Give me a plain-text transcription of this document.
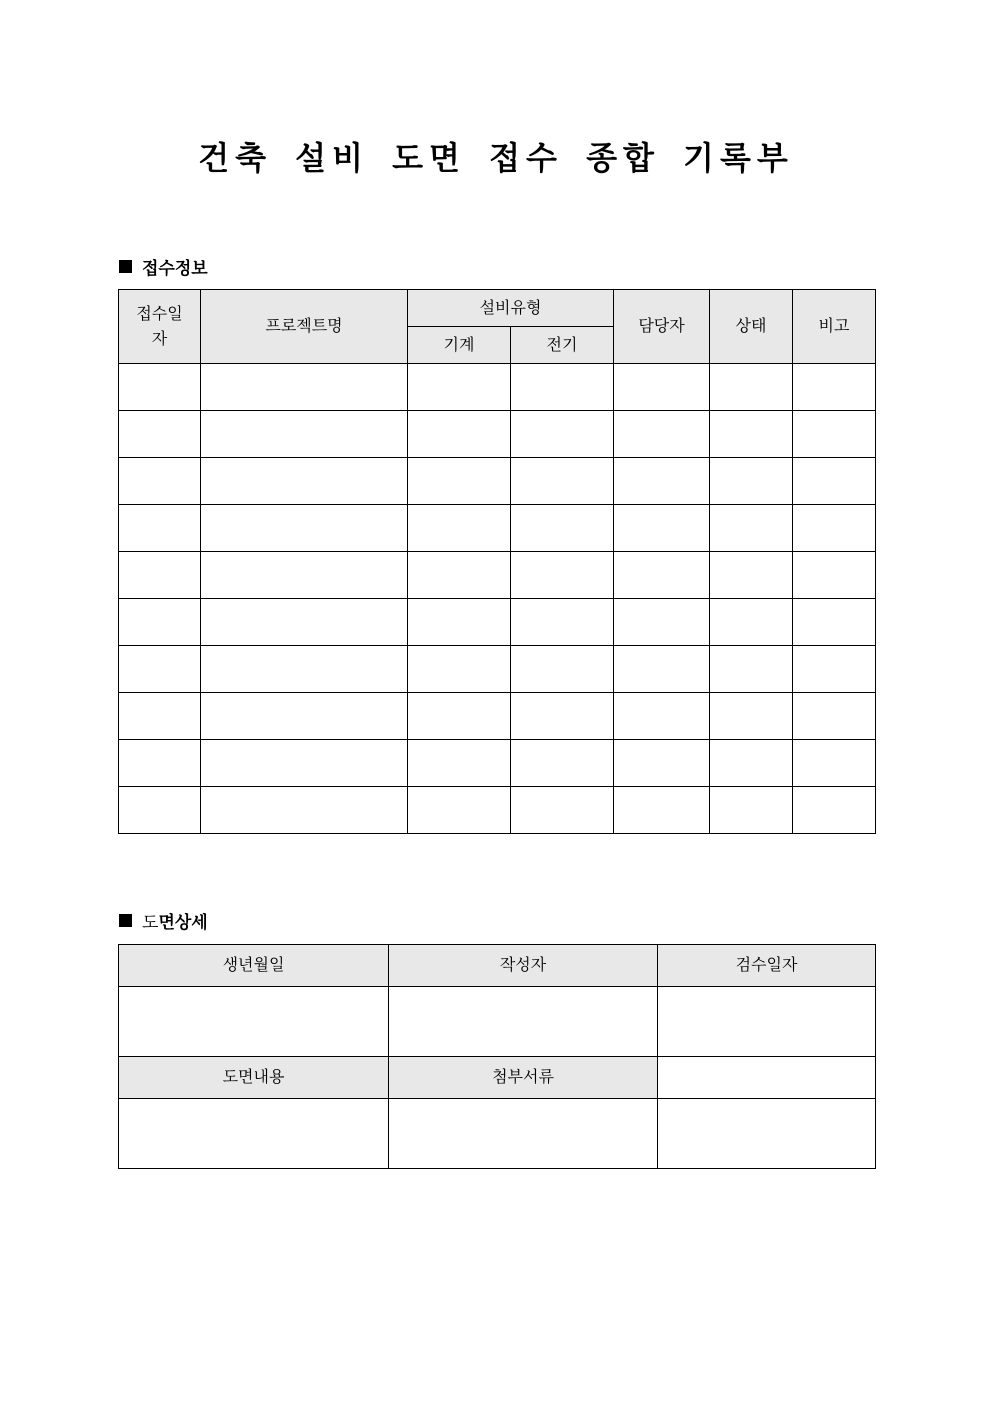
건축 설비 도면 접수 종합 기록부
접수정보
접수일자	프로젝트명	설비유형		담당자	상태	비고
		기계	전기			

도 면상세
생년월일	작성자	검수일자

도면내용	첨부서류	
